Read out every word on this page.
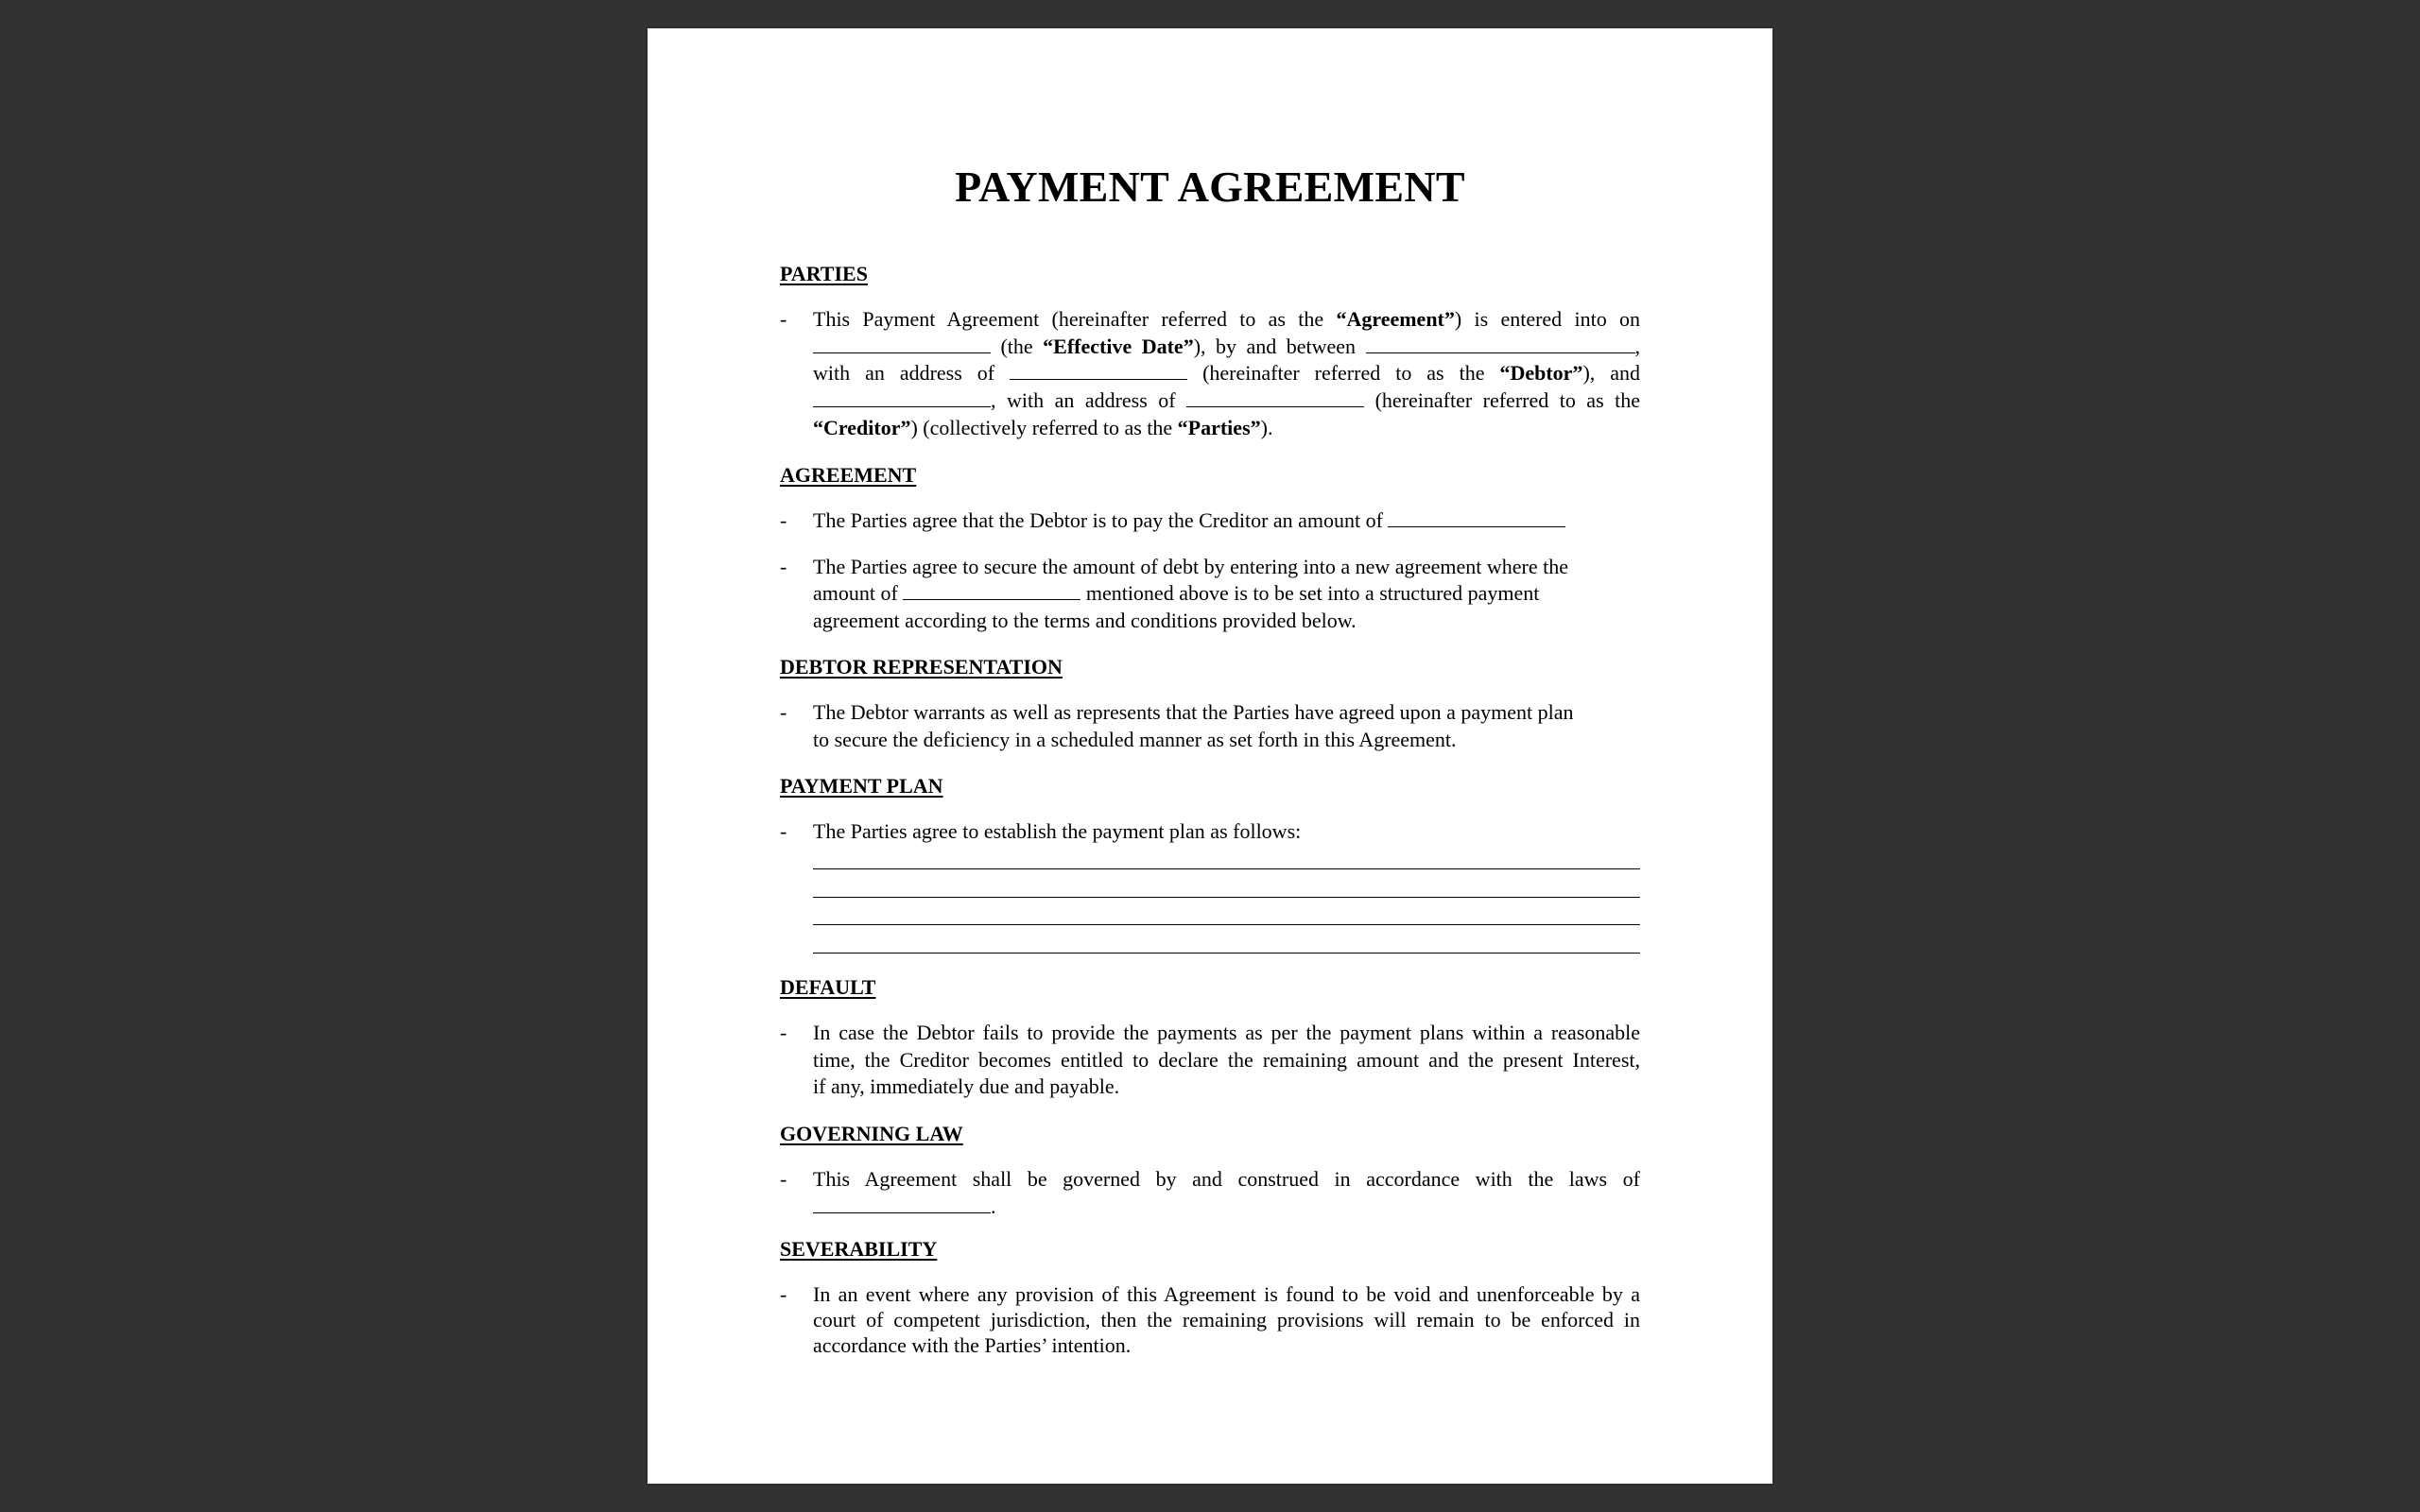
PAYMENT AGREEMENT

PARTIES

- This Payment Agreement (hereinafter referred to as the “Agreement”) is entered into on
(the “Effective Date”), by and between	,
with an address of	(hereinafter referred to as the “Debtor”), and
, with an address of	(hereinafter referred to as the
“Creditor”) (collectively referred to as the “Parties”).

AGREEMENT

- The Parties agree that the Debtor is to pay the Creditor an amount of
- The Parties agree to secure the amount of debt by entering into a new agreement where the
amount of	mentioned above is to be set into a structured payment
agreement according to the terms and conditions provided below.

DEBTOR REPRESENTATION

- The Debtor warrants as well as represents that the Parties have agreed upon a payment plan
to secure the deficiency in a scheduled manner as set forth in this Agreement.

PAYMENT PLAN

- The Parties agree to establish the payment plan as follows:

DEFAULT

- In case the Debtor fails to provide the payments as per the payment plans within a reasonable
time, the Creditor becomes entitled to declare the remaining amount and the present Interest,
if any, immediately due and payable.

GOVERNING LAW

- This Agreement shall be governed by and construed in accordance with the laws of
.

SEVERABILITY

- In an event where any provision of this Agreement is found to be void and unenforceable by a
court of competent jurisdiction, then the remaining provisions will remain to be enforced in
accordance with the Parties’ intention.
